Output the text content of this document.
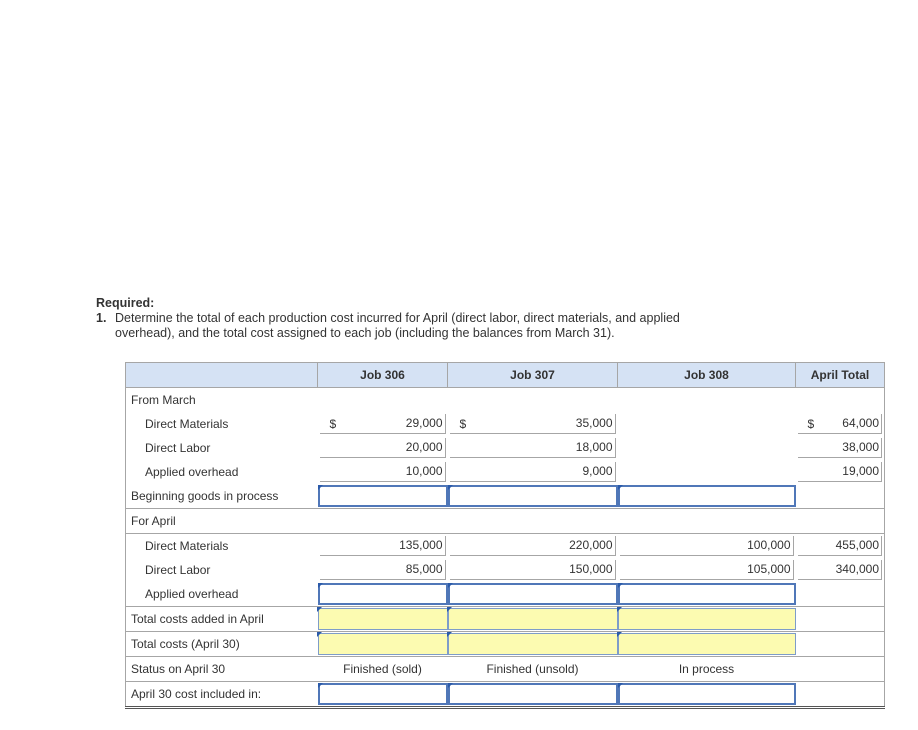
Required:
1. Determine the total of each production cost incurred for April (direct labor, direct materials, and applied overhead), and the total cost assigned to each job (including the balances from March 31).
	Job 306	Job 307	Job 308	April Total
From March				
Direct Materials	$ 29,000	$ 35,000		$ 64,000

Direct Labor	20,000	18,000		38,000

Applied overhead	10,000	9,000		19,000

Beginning goods in process	

For April				
Direct Materials	135,000	220,000	100,000	455,000

Direct Labor	85,000	150,000	105,000	340,000

Applied overhead	

Total costs added in April	

Total costs (April 30)	

Status on April 30	Finished (sold)	Finished (unsold)	In process	
April 30 cost included in:	
